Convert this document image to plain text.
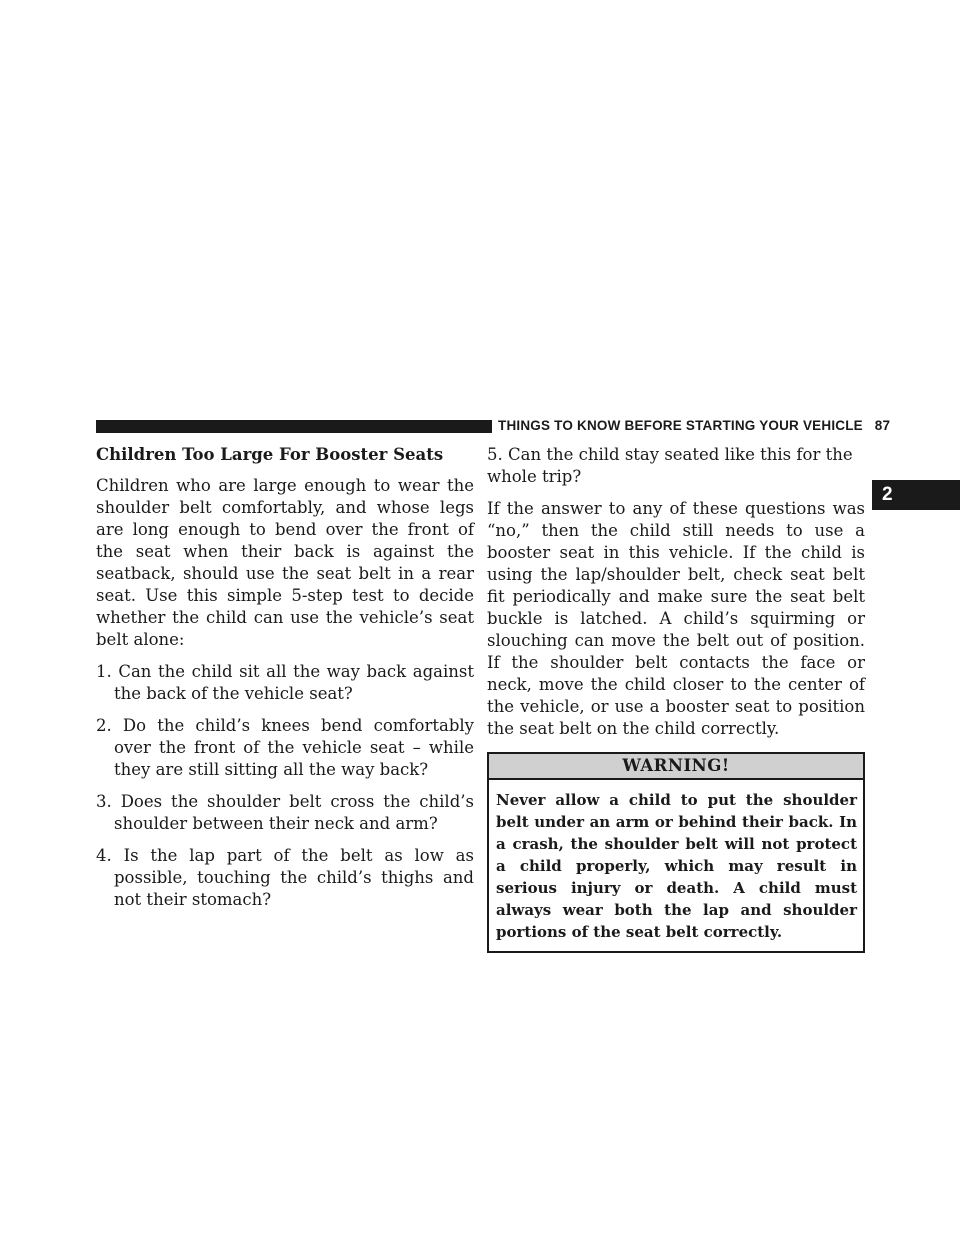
THINGS TO KNOW BEFORE STARTING YOUR VEHICLE 87
2
Children Too Large For Booster Seats

Children who are large enough to wear the shoulder belt comfortably, and whose legs are long enough to bend over the front of the seat when their back is against the seatback, should use the seat belt in a rear seat. Use this simple 5-step test to decide whether the child can use the vehicle’s seat belt alone:

1. Can the child sit all the way back against the back of the vehicle seat?
2. Do the child’s knees bend comfortably over the front of the vehicle seat – while they are still sitting all the way back?
3. Does the shoulder belt cross the child’s shoulder between their neck and arm?
4. Is the lap part of the belt as low as possible, touching the child’s thighs and not their stomach?

5. Can the child stay seated like this for the whole trip?

If the answer to any of these questions was “no,” then the child still needs to use a booster seat in this vehicle. If the child is using the lap/shoulder belt, check seat belt fit periodically and make sure the seat belt buckle is latched. A child’s squirming or slouching can move the belt out of position. If the shoulder belt contacts the face or neck, move the child closer to the center of the vehicle, or use a booster seat to position the seat belt on the child correctly.

WARNING!
Never allow a child to put the shoulder belt under an arm or behind their back. In a crash, the shoulder belt will not protect a child properly, which may result in serious injury or death. A child must always wear both the lap and shoulder portions of the seat belt correctly.
